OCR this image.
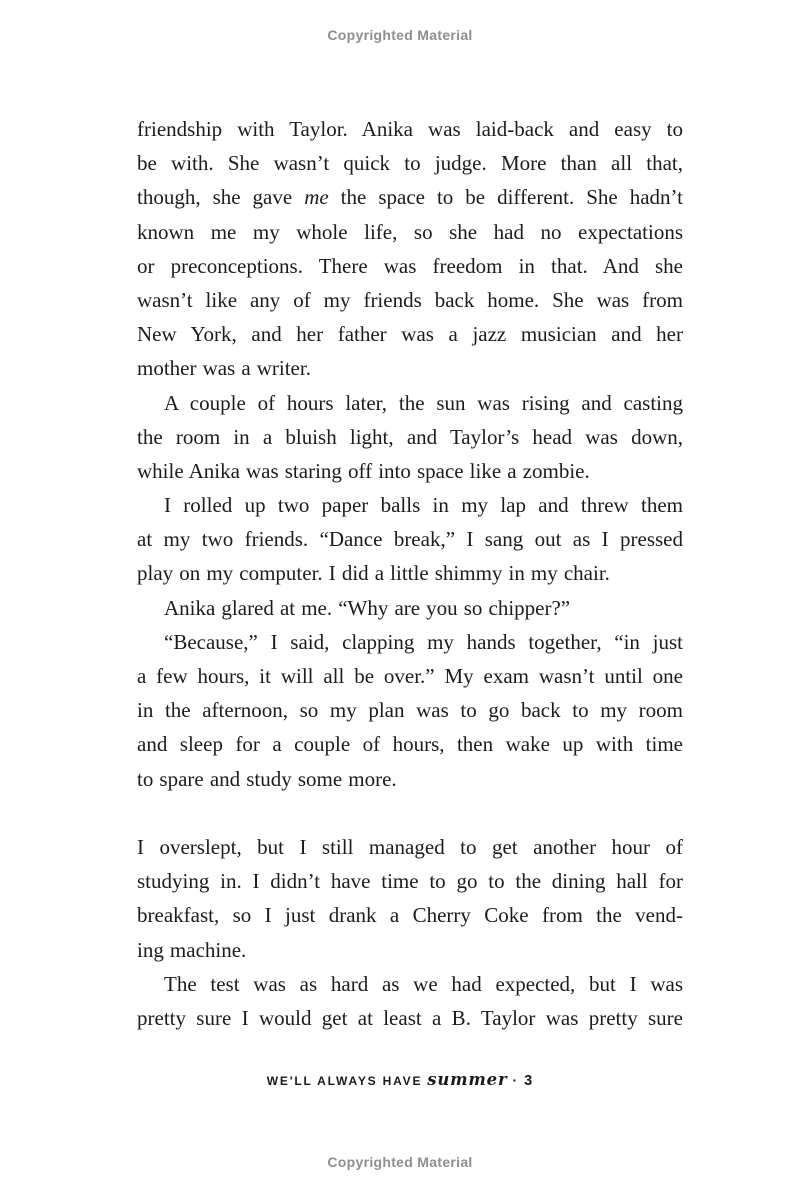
Copyrighted Material
friendship with Taylor. Anika was laid-back and easy to
be with. She wasn’t quick to judge. More than all that,
though, she gave me the space to be different. She hadn’t
known me my whole life, so she had no expectations
or preconceptions. There was freedom in that. And she
wasn’t like any of my friends back home. She was from
New York, and her father was a jazz musician and her
mother was a writer.
A couple of hours later, the sun was rising and casting
the room in a bluish light, and Taylor’s head was down,
while Anika was staring off into space like a zombie.
I rolled up two paper balls in my lap and threw them
at my two friends. “Dance break,” I sang out as I pressed
play on my computer. I did a little shimmy in my chair.
Anika glared at me. “Why are you so chipper?”
“Because,” I said, clapping my hands together, “in just
a few hours, it will all be over.” My exam wasn’t until one
in the afternoon, so my plan was to go back to my room
and sleep for a couple of hours, then wake up with time
to spare and study some more.
I overslept, but I still managed to get another hour of
studying in. I didn’t have time to go to the dining hall for
breakfast, so I just drank a Cherry Coke from the vend-
ing machine.
The test was as hard as we had expected, but I was
pretty sure I would get at least a B. Taylor was pretty sure
WE'LL ALWAYS HAVE summer · 3
Copyrighted Material
